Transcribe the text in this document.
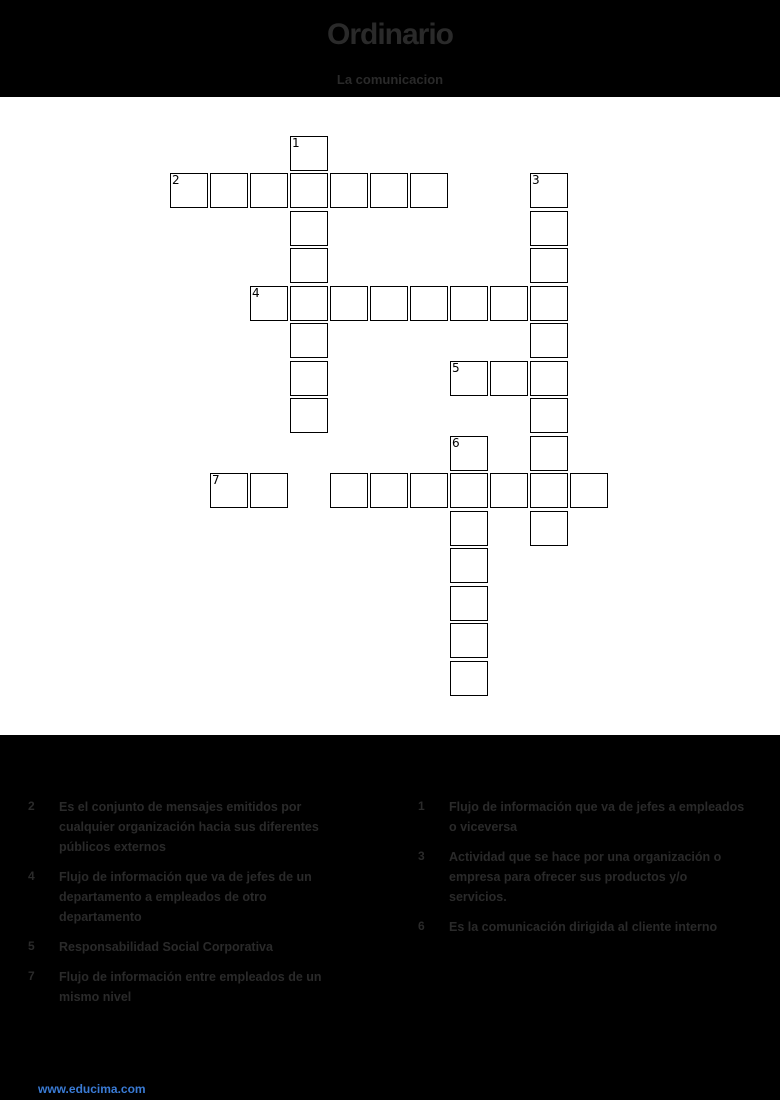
Ordinario
La comunicacion
1
2	3
4
5
6
7
2	Es el conjunto de mensajes emitidos por cualquier organización hacia sus diferentes públicos externos
4	Flujo de información que va de jefes de un departamento a empleados de otro departamento
5	Responsabilidad Social Corporativa
7	Flujo de información entre empleados de un mismo nivel
1	Flujo de información que va de jefes a empleados o viceversa
3	Actividad que se hace por una organización o empresa para ofrecer sus productos y/o servicios.
6	Es la comunicación dirigida al cliente interno
www.educima.com
